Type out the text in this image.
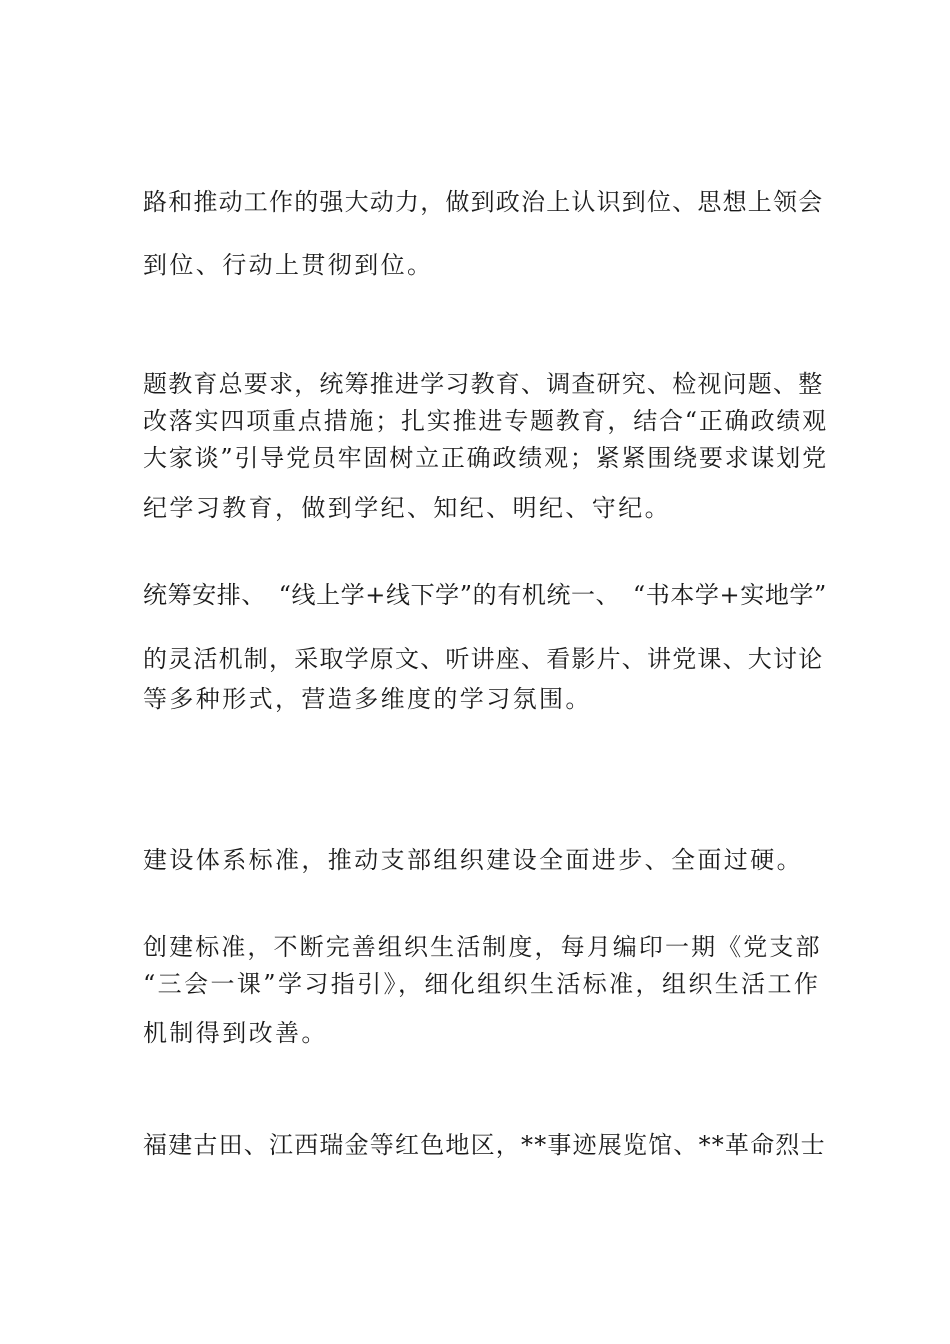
路和推动工作的强大动力，做到政治上认识到位、思想上领会
到位、行动上贯彻到位。
题教育总要求，统筹推进学习教育、调查研究、检视问题、整
改落实四项重点措施；扎实推进专题教育，结合“正确政绩观
大家谈”引导党员牢固树立正确政绩观；紧紧围绕要求谋划党
纪学习教育，做到学纪、知纪、明纪、守纪。
统筹安排、　“线上学+线下学”的有机统一、　“书本学+实地学”
的灵活机制，采取学原文、听讲座、看影片、讲党课、大讨论
等多种形式，营造多维度的学习氛围。
建设体系标准，推动支部组织建设全面进步、全面过硬。
创建标准，不断完善组织生活制度，每月编印一期《党支部
“三会一课”学习指引》，细化组织生活标准，组织生活工作
机制得到改善。
福建古田、江西瑞金等红色地区，**事迹展览馆、**革命烈士
